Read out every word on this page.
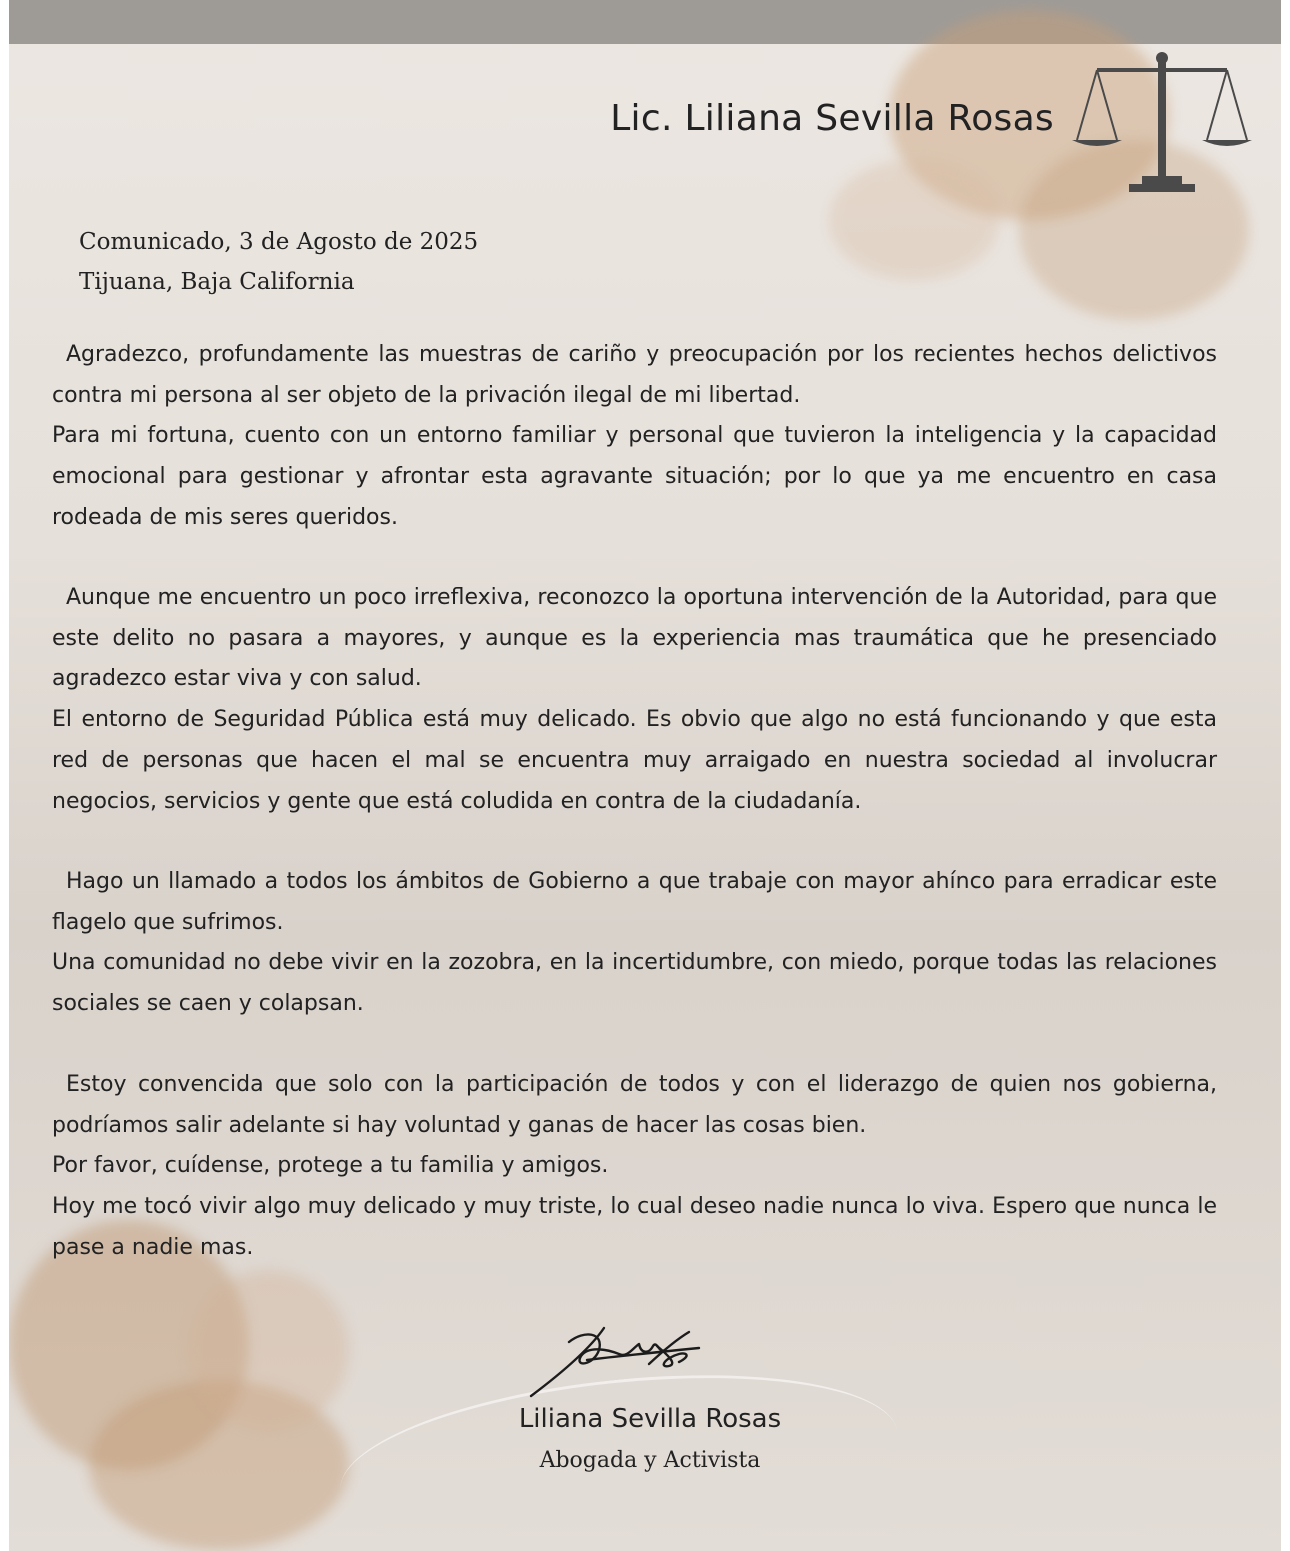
Lic. Liliana Sevilla Rosas
Comunicado, 3 de Agosto de 2025
Tijuana, Baja California

Agradezco, profundamente las muestras de cariño y preocupación por los recientes hechos delictivos contra mi persona al ser objeto de la privación ilegal de mi libertad.

Para mi fortuna, cuento con un entorno familiar y personal que tuvieron la inteligencia y la capacidad emocional para gestionar y afrontar esta agravante situación; por lo que ya me encuentro en casa rodeada de mis seres queridos.

Aunque me encuentro un poco irreflexiva, reconozco la oportuna intervención de la Autoridad, para que este delito no pasara a mayores, y aunque es la experiencia mas traumática que he presenciado agradezco estar viva y con salud.

El entorno de Seguridad Pública está muy delicado. Es obvio que algo no está funcionando y que esta red de personas que hacen el mal se encuentra muy arraigado en nuestra sociedad al involucrar negocios, servicios y gente que está coludida en contra de la ciudadanía.

Hago un llamado a todos los ámbitos de Gobierno a que trabaje con mayor ahínco para erradicar este flagelo que sufrimos.

Una comunidad no debe vivir en la zozobra, en la incertidumbre, con miedo, porque todas las relaciones sociales se caen y colapsan.

Estoy convencida que solo con la participación de todos y con el liderazgo de quien nos gobierna, podríamos salir adelante si hay voluntad y ganas de hacer las cosas bien.

Por favor, cuídense, protege a tu familia y amigos.

Hoy me tocó vivir algo muy delicado y muy triste, lo cual deseo nadie nunca lo viva. Espero que nunca le pase a nadie mas.

Liliana Sevilla Rosas
Abogada y Activista
